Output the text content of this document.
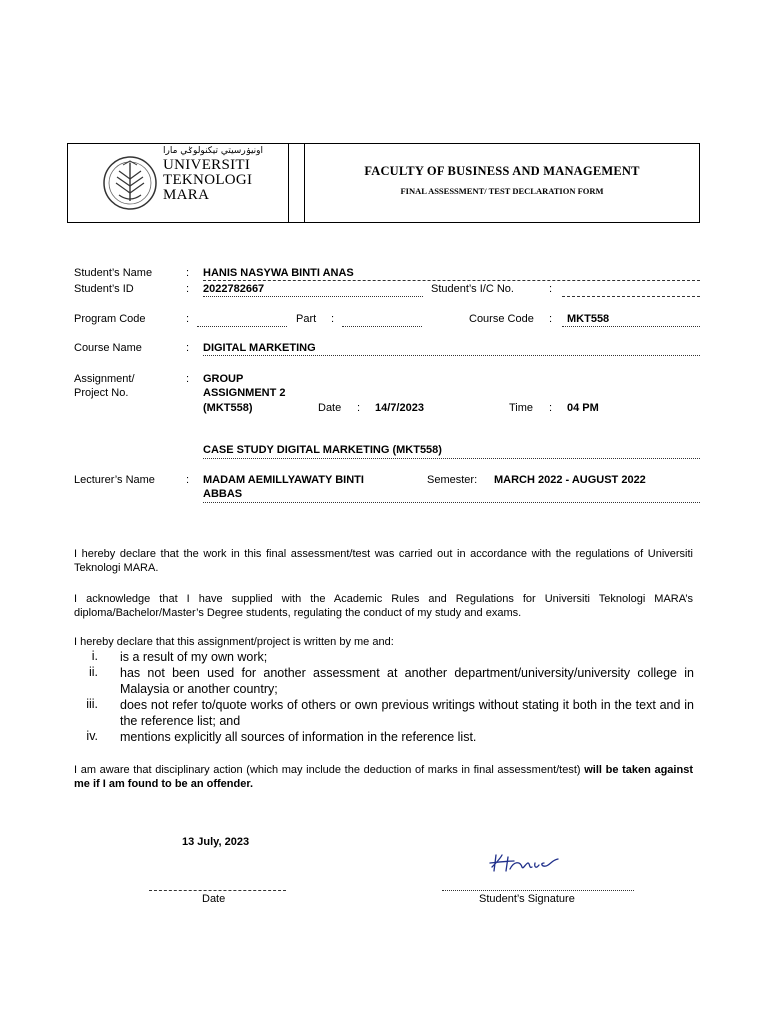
اونيۏرسيتي تيكنولوݢي مارا
UNIVERSITI
TEKNOLOGI
MARA
FACULTY OF BUSINESS AND MANAGEMENT
FINAL ASSESSMENT/ TEST DECLARATION FORM
Student’s Name	: HANIS NASYWA BINTI ANAS
Student’s ID	: 2022782667	Student’s I/C No.	:
Program Code	:	Part :	Course Code :	MKT558
Course Name	: DIGITAL MARKETING
Assignment/
Project No.
: GROUP
ASSIGNMENT 2
(MKT558)	Date : 14/7/2023	Time : 04 PM
CASE STUDY DIGITAL MARKETING (MKT558)
Lecturer’s Name	: MADAM AEMILLYAWATY BINTI
ABBAS
Semester: MARCH 2022 - AUGUST 2022
I hereby declare that the work in this final assessment/test was carried out in accordance with the regulations of Universiti Teknologi MARA.
I acknowledge that I have supplied with the Academic Rules and Regulations for Universiti Teknologi MARA’s diploma/Bachelor/Master’s Degree students, regulating the conduct of my study and exams.
I hereby declare that this assignment/project is written by me and:
i. is a result of my own work;
ii. has not been used for another assessment at another department/university/university college in Malaysia or another country;
iii. does not refer to/quote works of others or own previous writings without stating it both in the text and in the reference list; and
iv. mentions explicitly all sources of information in the reference list.
I am aware that disciplinary action (which may include the deduction of marks in final assessment/test) will be taken against me if I am found to be an offender.
13 July, 2023
Date	Student’s Signature
